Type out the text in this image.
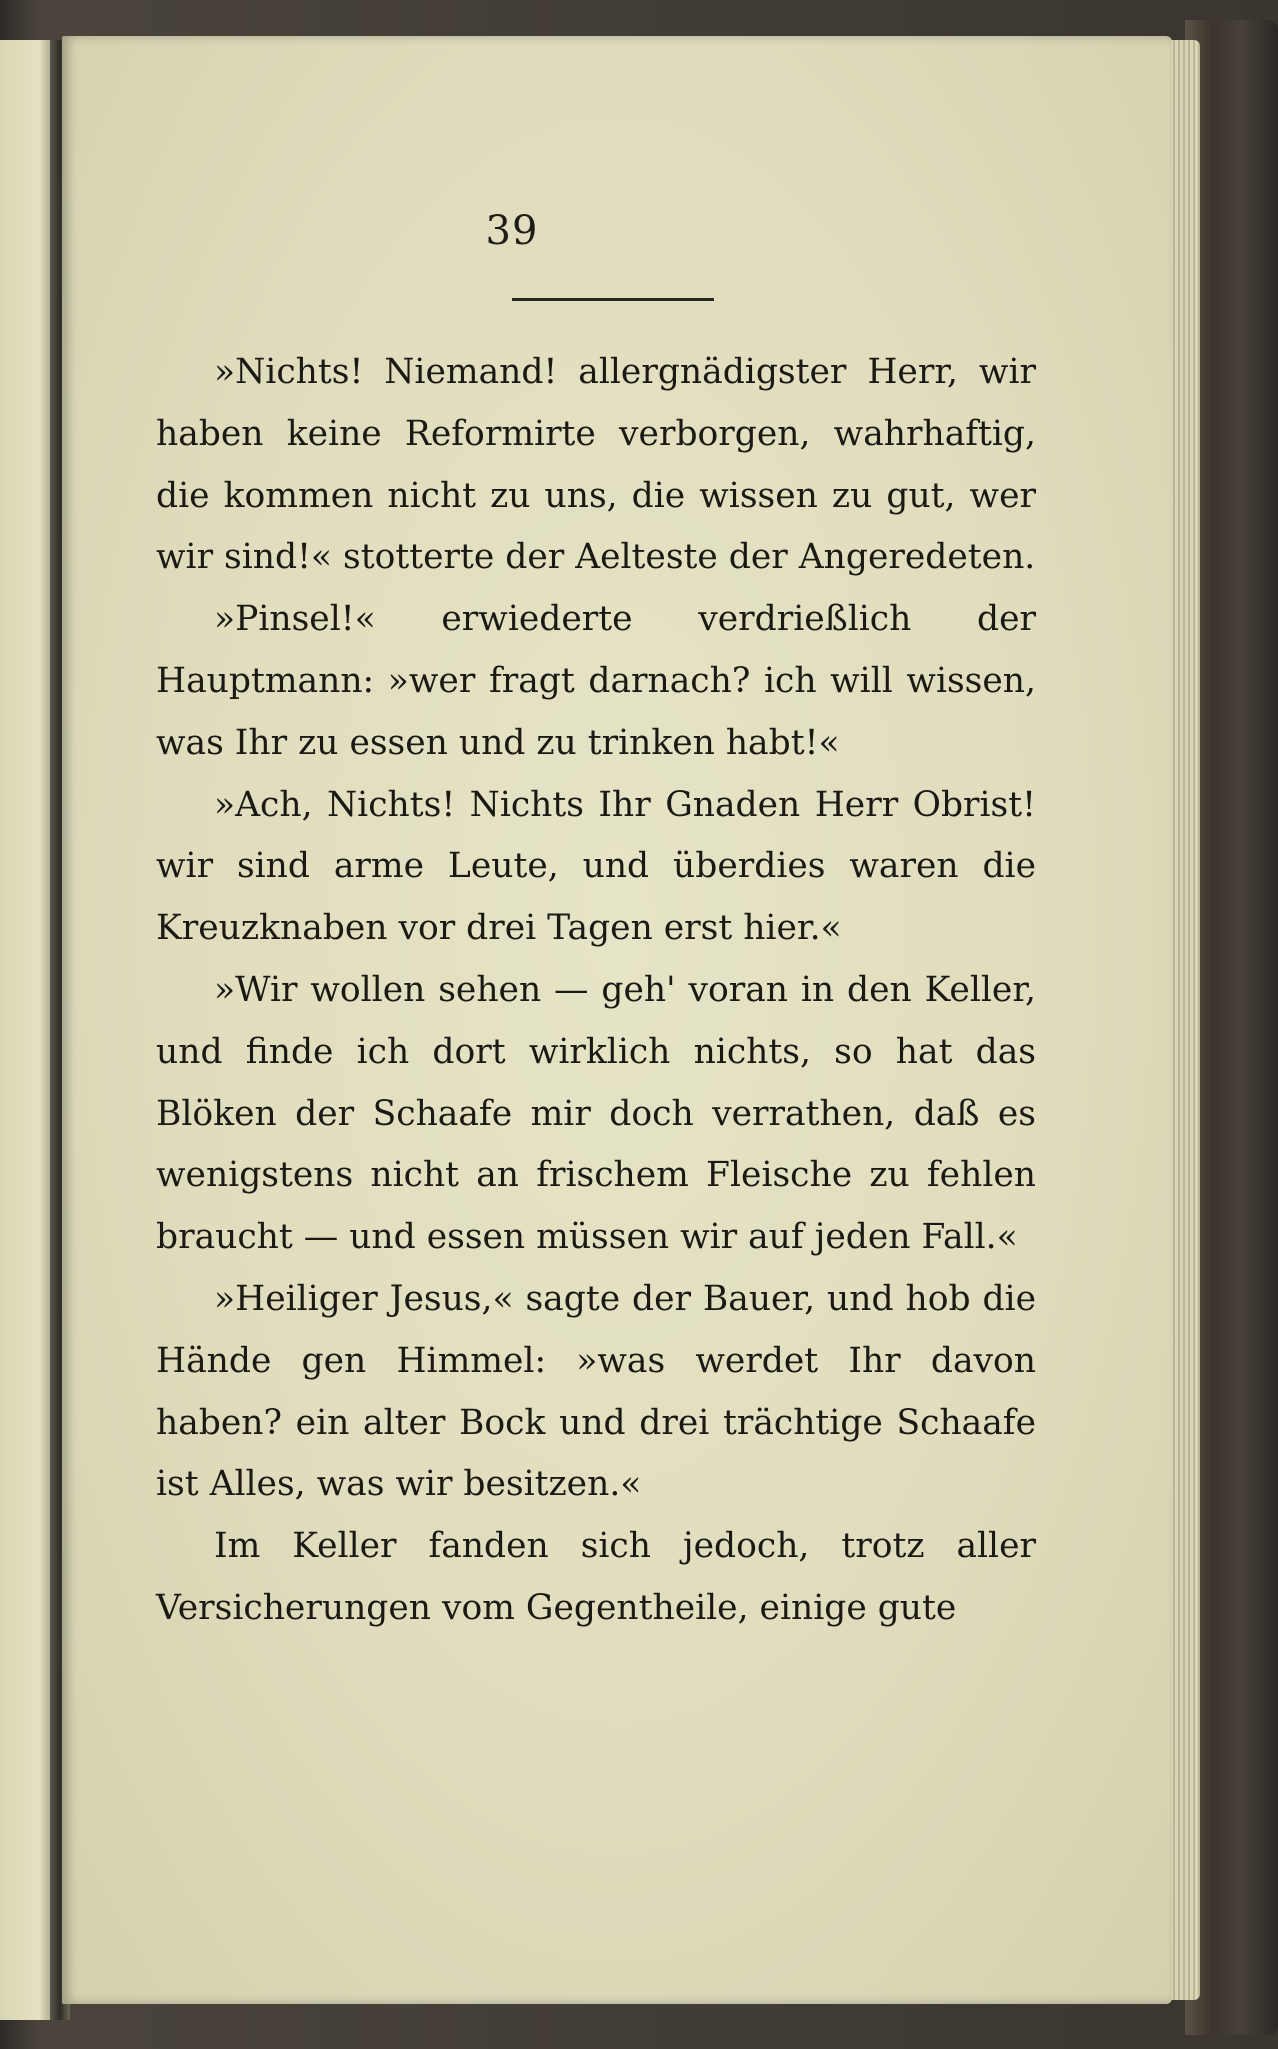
39

»Nichts! Niemand! allergnädigster Herr, wir haben keine Reformirte verborgen, wahrhaftig, die kommen nicht zu uns, die wissen zu gut, wer wir sind!« stotterte der Aelteste der Angeredeten.

»Pinsel!« erwiederte verdrießlich der Hauptmann: »wer fragt darnach? ich will wissen, was Ihr zu essen und zu trinken habt!«

»Ach, Nichts! Nichts Ihr Gnaden Herr Obrist! wir sind arme Leute, und überdies waren die Kreuzknaben vor drei Tagen erst hier.«

»Wir wollen sehen — geh' voran in den Keller, und finde ich dort wirklich nichts, so hat das Blöken der Schaafe mir doch verrathen, daß es wenigstens nicht an frischem Fleische zu fehlen braucht — und essen müssen wir auf jeden Fall.«

»Heiliger Jesus,« sagte der Bauer, und hob die Hände gen Himmel: »was werdet Ihr davon haben? ein alter Bock und drei trächtige Schaafe ist Alles, was wir besitzen.«

Im Keller fanden sich jedoch, trotz aller Versicherungen vom Gegentheile, einige gute
